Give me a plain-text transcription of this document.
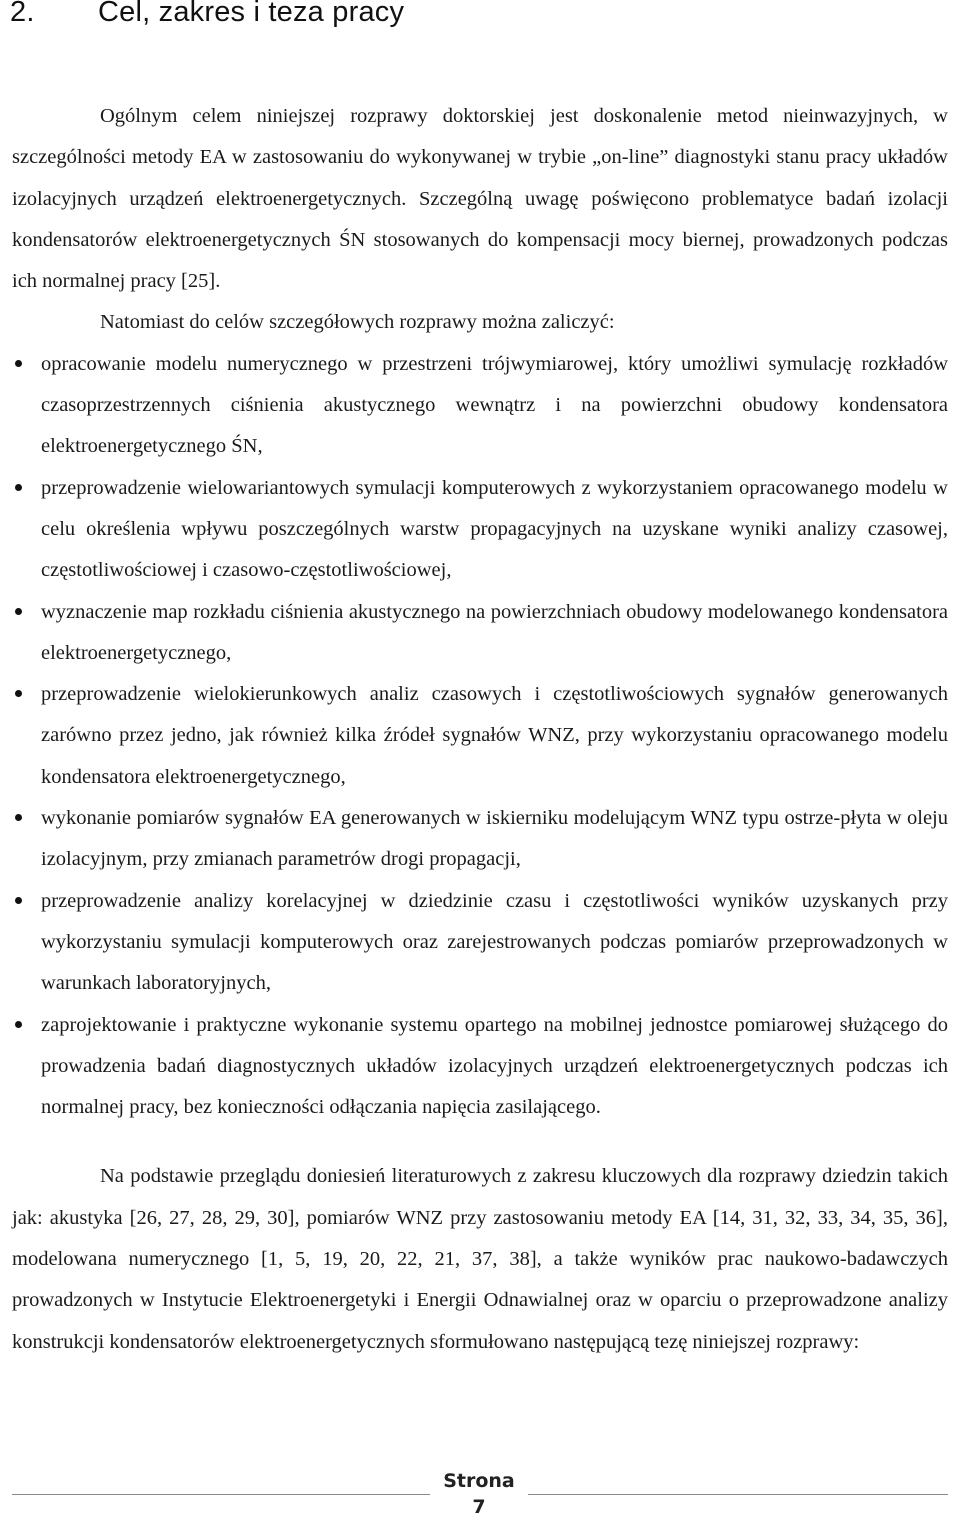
2. Cel, zakres i teza pracy

Ogólnym celem niniejszej rozprawy doktorskiej jest doskonalenie metod nieinwazyjnych, w szczególności metody EA w zastosowaniu do wykonywanej w trybie „on-line” diagnostyki stanu pracy układów izolacyjnych urządzeń elektroenergetycznych. Szczególną uwagę poświęcono problematyce badań izolacji kondensatorów elektroenergetycznych ŚN stosowanych do kompensacji mocy biernej, prowadzonych podczas ich normalnej pracy [25].

Natomiast do celów szczegółowych rozprawy można zaliczyć:

opracowanie modelu numerycznego w przestrzeni trójwymiarowej, który umożliwi symulację rozkładów czasoprzestrzennych ciśnienia akustycznego wewnątrz i na powierzchni obudowy kondensatora elektroenergetycznego ŚN,
przeprowadzenie wielowariantowych symulacji komputerowych z wykorzystaniem opracowanego modelu w celu określenia wpływu poszczególnych warstw propagacyjnych na uzyskane wyniki analizy czasowej, częstotliwościowej i czasowo-częstotliwościowej,
wyznaczenie map rozkładu ciśnienia akustycznego na powierzchniach obudowy modelowanego kondensatora elektroenergetycznego,
przeprowadzenie wielokierunkowych analiz czasowych i częstotliwościowych sygnałów generowanych zarówno przez jedno, jak również kilka źródeł sygnałów WNZ, przy wykorzystaniu opracowanego modelu kondensatora elektroenergetycznego,
wykonanie pomiarów sygnałów EA generowanych w iskierniku modelującym WNZ typu ostrze-płyta w oleju izolacyjnym, przy zmianach parametrów drogi propagacji,
przeprowadzenie analizy korelacyjnej w dziedzinie czasu i częstotliwości wyników uzyskanych przy wykorzystaniu symulacji komputerowych oraz zarejestrowanych podczas pomiarów przeprowadzonych w warunkach laboratoryjnych,
zaprojektowanie i praktyczne wykonanie systemu opartego na mobilnej jednostce pomiarowej służącego do prowadzenia badań diagnostycznych układów izolacyjnych urządzeń elektroenergetycznych podczas ich normalnej pracy, bez konieczności odłączania napięcia zasilającego.

Na podstawie przeglądu doniesień literaturowych z zakresu kluczowych dla rozprawy dziedzin takich jak: akustyka [26, 27, 28, 29, 30], pomiarów WNZ przy zastosowaniu metody EA [14, 31, 32, 33, 34, 35, 36], modelowana numerycznego [1, 5, 19, 20, 22, 21, 37, 38], a także wyników prac naukowo-badawczych prowadzonych w Instytucie Elektroenergetyki i Energii Odnawialnej oraz w oparciu o przeprowadzone analizy konstrukcji kondensatorów elektroenergetycznych sformułowano następującą tezę niniejszej rozprawy:

Strona
7
